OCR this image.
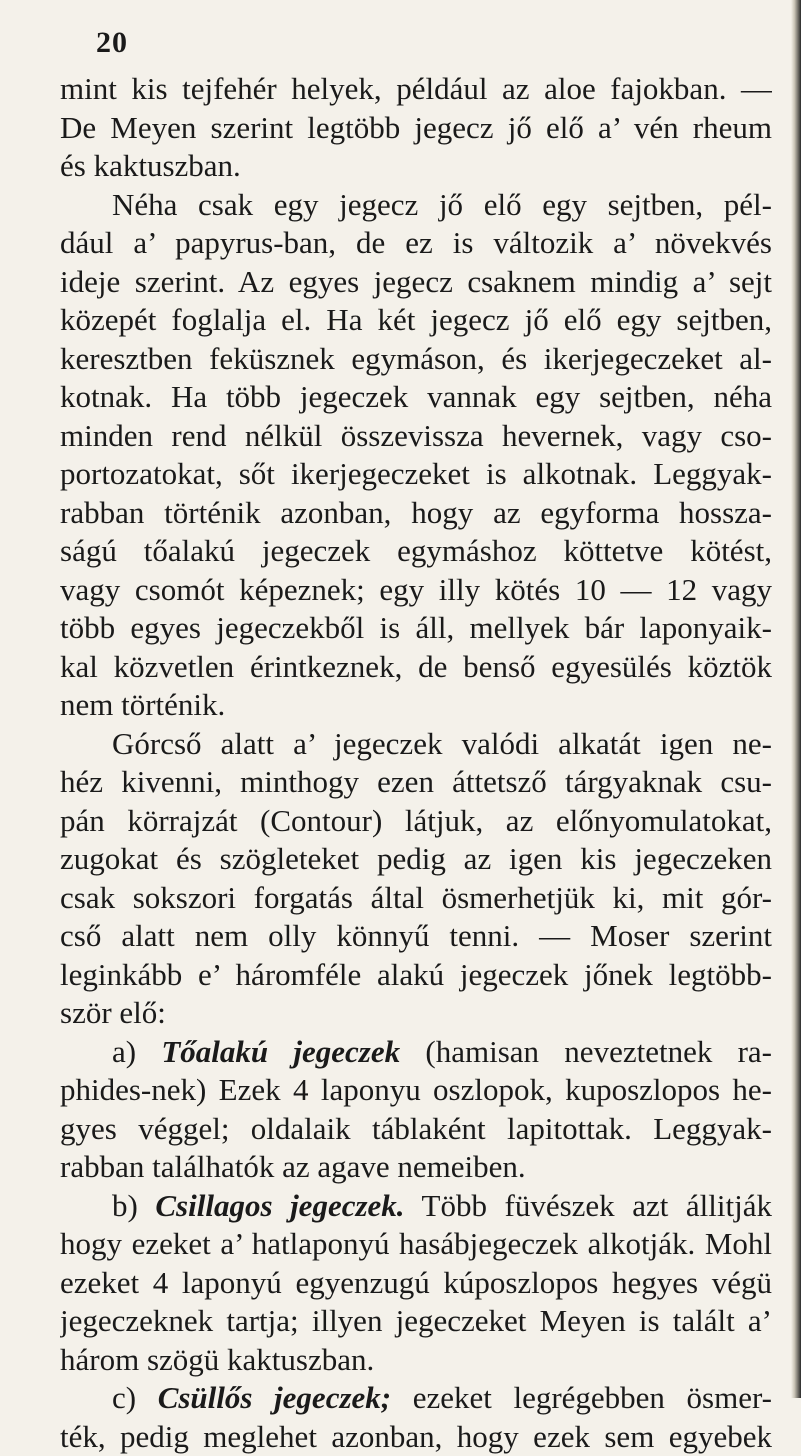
20
mint kis tejfehér helyek, például az aloe fajokban. —
De Meyen szerint legtöbb jegecz jő elő a’ vén rheum
és kaktuszban.
Néha csak egy jegecz jő elő egy sejtben, pél-
dául a’ papyrus-ban, de ez is változik a’ növekvés
ideje szerint. Az egyes jegecz csaknem mindig a’ sejt
közepét foglalja el. Ha két jegecz jő elő egy sejtben,
keresztben feküsznek egymáson, és ikerjegeczeket al-
kotnak. Ha több jegeczek vannak egy sejtben, néha
minden rend nélkül összevissza hevernek, vagy cso-
portozatokat, sőt ikerjegeczeket is alkotnak. Leggyak-
rabban történik azonban, hogy az egyforma hossza-
ságú tőalakú jegeczek egymáshoz köttetve kötést,
vagy csomót képeznek; egy illy kötés 10 — 12 vagy
több egyes jegeczekből is áll, mellyek bár laponyaik-
kal közvetlen érintkeznek, de benső egyesülés köztök
nem történik.
Górcső alatt a’ jegeczek valódi alkatát igen ne-
héz kivenni, minthogy ezen áttetsző tárgyaknak csu-
pán körrajzát (Contour) látjuk, az előnyomulatokat,
zugokat és szögleteket pedig az igen kis jegeczeken
csak sokszori forgatás által ösmerhetjük ki, mit gór-
cső alatt nem olly könnyű tenni. — Moser szerint
leginkább e’ háromféle alakú jegeczek jőnek legtöbb-
ször elő:
a) Tőalakú jegeczek (hamisan neveztetnek ra-
phides-nek) Ezek 4 laponyu oszlopok, kuposzlopos he-
gyes véggel; oldalaik táblaként lapitottak. Leggyak-
rabban találhatók az agave nemeiben.
b) Csillagos jegeczek. Több füvészek azt állitják
hogy ezeket a’ hatlaponyú hasábjegeczek alkotják. Mohl
ezeket 4 laponyú egyenzugú kúposzlopos hegyes végü
jegeczeknek tartja; illyen jegeczeket Meyen is talált a’
három szögü kaktuszban.
c) Csüllős jegeczek; ezeket legrégebben ösmer-
ték, pedig meglehet azonban, hogy ezek sem egyebek
